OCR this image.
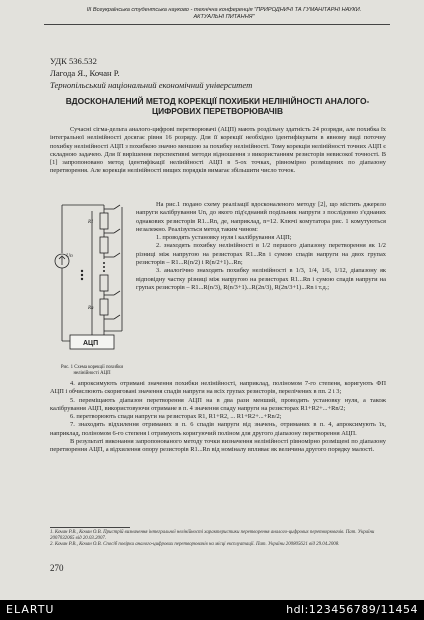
ІІІ Всеукраїнська студентська науково - технічна конференція "ПРИРОДНИЧІ ТА ГУМАНІТАРНІ НАУКИ. АКТУАЛЬНІ ПИТАННЯ"
УДК 536.532
Лагода Я., Кочан Р.
Тернопільський національний економічний університет
ВДОСКОНАЛЕНИЙ МЕТОД КОРЕКЦІЇ ПОХИБКИ НЕЛІНІЙНОСТІ АНАЛОГО-ЦИФРОВИХ ПЕРЕТВОРЮВАЧІВ
Сучасні сігма-дельта аналого-цифрові перетворювачі (АЦП) мають роздільну здатність 24 розряди, але похибка їх інтегральної нелінійності досягає рівня 16 розряду. Для її корекції необхідно ідентифікувати в явному виді поточну похибку нелінійності АЦП з похибкою значно меншою за похибку нелінійності. Тому корекція нелінійності точних АЦП є складною задачею. Для її вирішення перспективні методи відношення з використанням резисторів невисокої точності. В [1] запропоновано метод ідентифікації нелінійності АЦП в 5-ох точках, рівномірно розміщених по діапазону перетворення. Але корекція нелінійності вищих порядків вимагає збільшити число точок.
Un
R1
Rn
АЦП
Рис. 1 Схема корекції похибки нелінійності АЦП
На рис.1 подано схему реалізації вдосконаленого методу [2], що містить джерело напруги калібрування Un, до якого під'єднаний подільник напруги з послідовно з'єднаних однакових резисторів R1...Rn, де, наприклад, n=12. Ключі комутатора рис. 1 комутуються незалежно. Реалізується метод таким чином:
1. проводять установку нуля і калібрування АЦП;
2. знаходять похибку нелінійності в 1/2 першого діапазону перетворення як 1/2 різниці між напругою на резисторах R1...Rn і сумою спадів напруги на двох групах резисторів – R1...R(n/2) і R(n/2+1)...Rn;
3. аналогічно знаходять похибку нелінійності в 1/3, 1/4, 1/6, 1/12, діапазону як відповідну частку різниці між напругою на резисторах R1...Rn і сумою спадів напруги на групах резисторів – R1...R(n/3), R(n/3+1)...R(2n/3), R(2n/3+1)...Rn і т.д.;
4. апроксимують отримані значення похибки нелінійності, наприклад, поліномом 7-го степеня, коригують ФП АЦП і обчислюють скориговані значення спадів напруги на всіх групах резисторів, перелічених в пп. 2 і 3;
5. переміщають діапазон перетворення АЦП на в два рази менший, проводять установку нуля, а також калібрування АЦП, використовуючи отримане в п. 4 значення спаду напруги на резисторах R1+R2+...+Rn/2;
6. перетворюють спади напруги на резисторах R1, R1+R2, ... R1+R2+...+Rn/2;
7. знаходять відхилення отриманих в п. 6 спадів напруги від значень, отриманих в п. 4, апроксимують їх, наприклад, поліномом 6-го степеня і отримують коригуючий поліном для другого діапазону перетворення АЦП.
В результаті виконання запропонованого методу точки визначення нелінійності рівномірно розміщені по діапазону перетворення АЦП, а відхилення опору резисторів R1...Rn від номіналу впливає як величина другого порядку малості.
1. Кочан Р.В., Кочан О.В. Пристрій визначення інтегральної нелінійності характеристики перетворення аналого-цифрових перетворювачів. Пат. України 2007032065 від 20.03.2007.
2. Кочан Р.В., Кочан О.В. Спосіб повірки аналого-цифрових перетворювачів на місці експлуатації. Пат. України 200805621 від 29.04.2008.
270
ELARTU	hdl:123456789/11454
